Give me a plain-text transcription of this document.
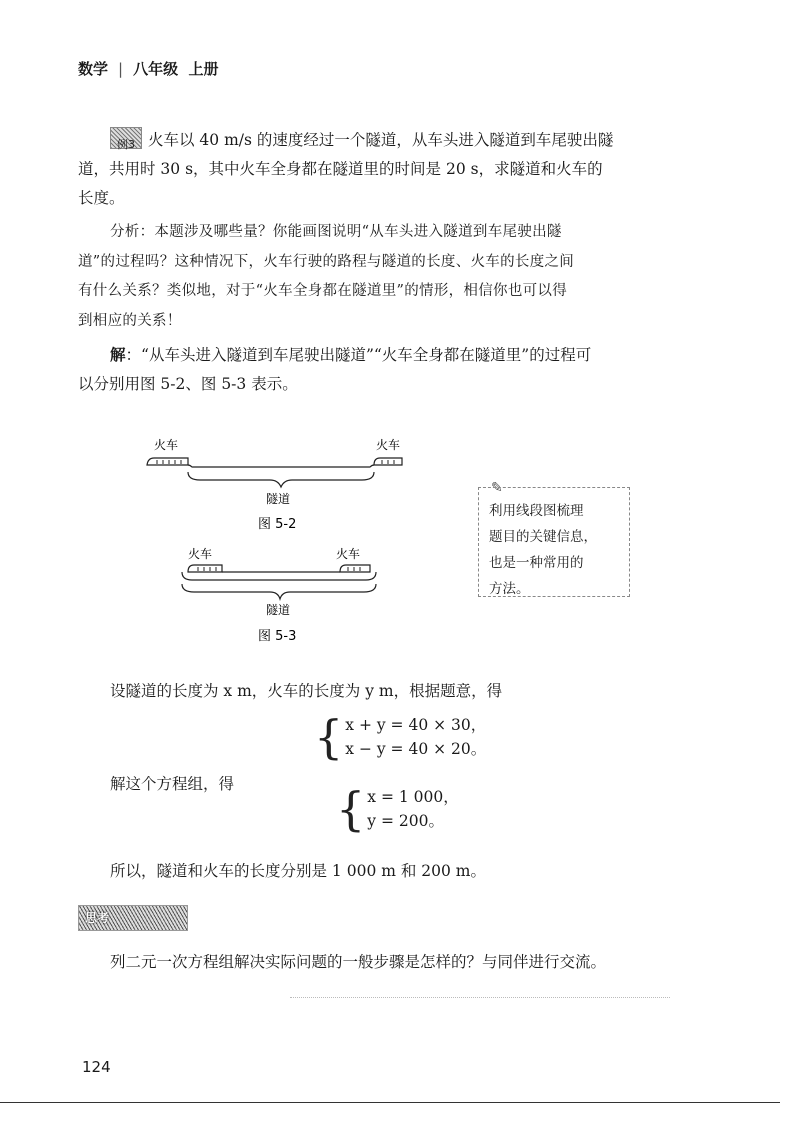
数学 | 八年级 上册
例3 火车以 40 m/s 的速度经过一个隧道，从车头进入隧道到车尾驶出隧
道，共用时 30 s，其中火车全身都在隧道里的时间是 20 s，求隧道和火车的
长度。
分析：本题涉及哪些量？你能画图说明“从车头进入隧道到车尾驶出隧
道”的过程吗？这种情况下，火车行驶的路程与隧道的长度、火车的长度之间
有什么关系？类似地，对于“火车全身都在隧道里”的情形，相信你也可以得
到相应的关系！
解：“从车头进入隧道到车尾驶出隧道”“火车全身都在隧道里”的过程可
以分别用图 5-2、图 5-3 表示。
火车	火车
隧道
图 5-2
火车	火车
隧道
图 5-3
✎
利用线段图梳理
题目的关键信息，
也是一种常用的
方法。
设隧道的长度为 x m，火车的长度为 y m，根据题意，得
{ x + y = 40 × 30，
x − y = 40 × 20。
解这个方程组，得 { x = 1 000，
y = 200。
所以，隧道和火车的长度分别是 1 000 m 和 200 m。
思考
列二元一次方程组解决实际问题的一般步骤是怎样的？与同伴进行交流。
124
